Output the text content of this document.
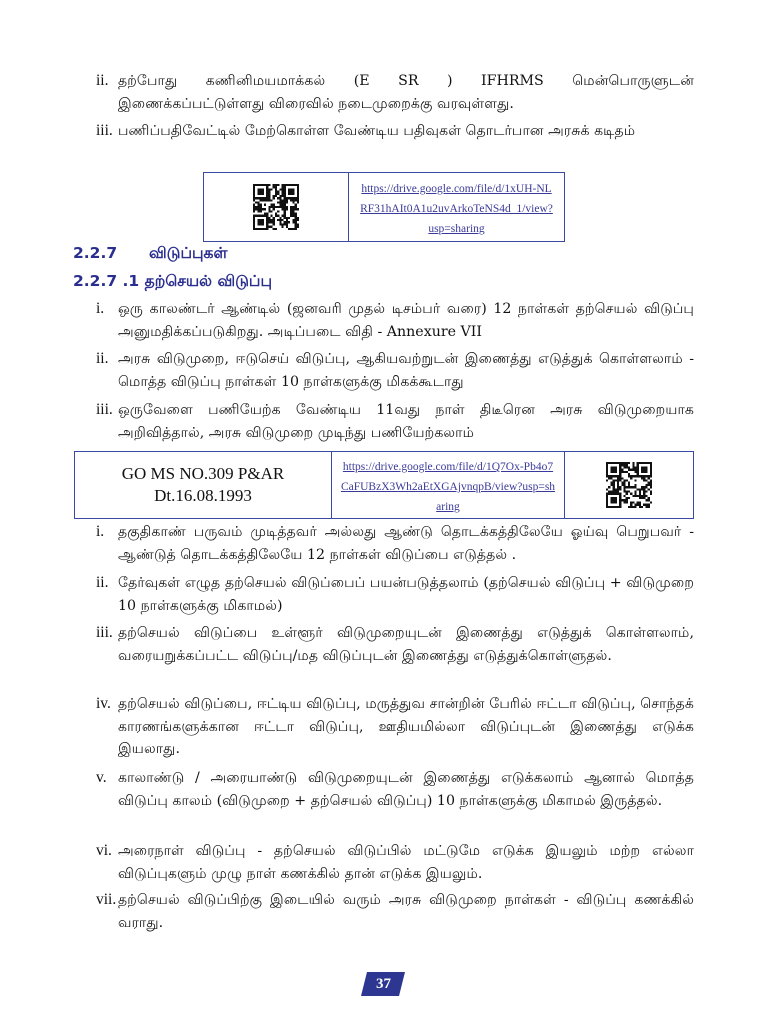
ii. தற்போது கணினிமயமாக்கல் (E SR ) IFHRMS மென்பொருளுடன் இணைக்கப்பட்டுள்ளது விரைவில் நடைமுறைக்கு வரவுள்ளது.
iii. பணிப்பதிவேட்டில் மேற்கொள்ள வேண்டிய பதிவுகள் தொடர்பான அரசுக் கடிதம்
	https://drive.google.com/file/d/1xUH-NLRF31hAIt0A1u2uvArkoTeNS4d_1/view?usp=sharing
2.2.7 விடுப்புகள்
2.2.7 .1 தற்செயல் விடுப்பு
i. ஒரு காலண்டர் ஆண்டில் (ஜனவரி முதல் டிசம்பர் வரை) 12 நாள்கள் தற்செயல் விடுப்பு அனுமதிக்கப்படுகிறது. அடிப்படை விதி - Annexure VII
ii. அரசு விடுமுறை, ஈடுசெய் விடுப்பு, ஆகியவற்றுடன் இணைத்து எடுத்துக் கொள்ளலாம் - மொத்த விடுப்பு நாள்கள் 10 நாள்களுக்கு மிகக்கூடாது
iii. ஒருவேளை பணியேற்க வேண்டிய 11வது நாள் திடீரென அரசு விடுமுறையாக அறிவித்தால், அரசு விடுமுறை முடிந்து பணியேற்கலாம்
GO MS NO.309 P&AR
Dt.16.08.1993
	https://drive.google.com/file/d/1Q7Ox-Pb4o7CaFUBzX3Wh2aEtXGAjvnqpB/view?usp=sharing	
i. தகுதிகாண் பருவம் முடித்தவர் அல்லது ஆண்டு தொடக்கத்திலேயே ஓய்வு பெறுபவர் - ஆண்டுத் தொடக்கத்திலேயே 12 நாள்கள் விடுப்பை எடுத்தல் .
ii. தேர்வுகள் எழுத தற்செயல் விடுப்பைப் பயன்படுத்தலாம் (தற்செயல் விடுப்பு + விடுமுறை 10 நாள்களுக்கு மிகாமல்)
iii. தற்செயல் விடுப்பை உள்ளூர் விடுமுறையுடன் இணைத்து எடுத்துக் கொள்ளலாம், வரையறுக்கப்பட்ட விடுப்பு/மத விடுப்புடன் இணைத்து எடுத்துக்கொள்ளுதல்.
iv. தற்செயல் விடுப்பை, ஈட்டிய விடுப்பு, மருத்துவ சான்றின் பேரில் ஈட்டா விடுப்பு, சொந்தக் காரணங்களுக்கான ஈட்டா விடுப்பு, ஊதியமில்லா விடுப்புடன் இணைத்து எடுக்க இயலாது.
v. காலாண்டு / அரையாண்டு விடுமுறையுடன் இணைத்து எடுக்கலாம் ஆனால் மொத்த விடுப்பு காலம் (விடுமுறை + தற்செயல் விடுப்பு) 10 நாள்களுக்கு மிகாமல் இருத்தல்.
vi. அரைநாள் விடுப்பு - தற்செயல் விடுப்பில் மட்டுமே எடுக்க இயலும் மற்ற எல்லா விடுப்புகளும் முழு நாள் கணக்கில் தான் எடுக்க இயலும்.
vii. தற்செயல் விடுப்பிற்கு இடையில் வரும் அரசு விடுமுறை நாள்கள் - விடுப்பு கணக்கில் வராது.
37
